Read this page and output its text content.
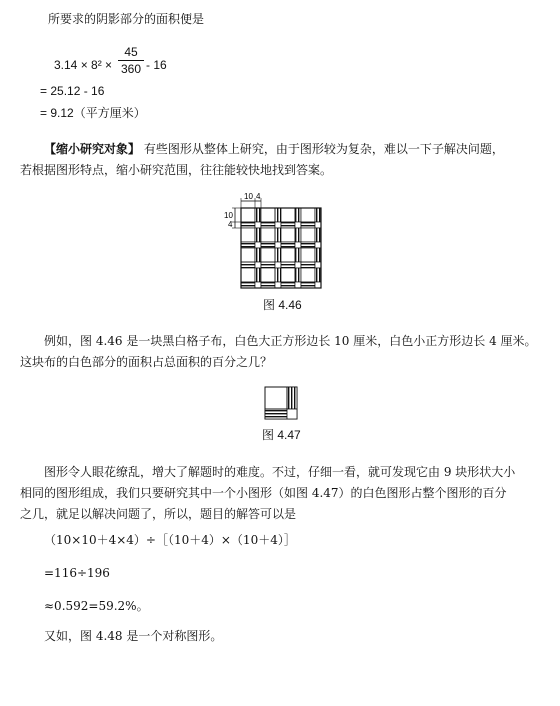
所要求的阴影部分的面积便是
3.14 × 8² ×
45
360 - 16
= 25.12 - 16
= 9.12（平方厘米）
【缩小研究对象】 有些图形从整体上研究，由于图形较为复杂，难以一下子解决问题，
若根据图形特点，缩小研究范围，往往能较快地找到答案。
10 4
10
4
图 4.46
例如，图 4.46 是一块黑白格子布，白色大正方形边长 10 厘米，白色小正方形边长 4 厘米。
这块布的白色部分的面积占总面积的百分之几？
图 4.47
图形令人眼花缭乱，增大了解题时的难度。不过，仔细一看，就可发现它由 9 块形状大小
相同的图形组成，我们只要研究其中一个小图形（如图 4.47）的白色图形占整个图形的百分
之几，就足以解决问题了，所以，题目的解答可以是
（10×10＋4×4）÷［（10＋4）×（10＋4）］
=116÷196
≈0.592=59.2%。
又如，图 4.48 是一个对称图形。
